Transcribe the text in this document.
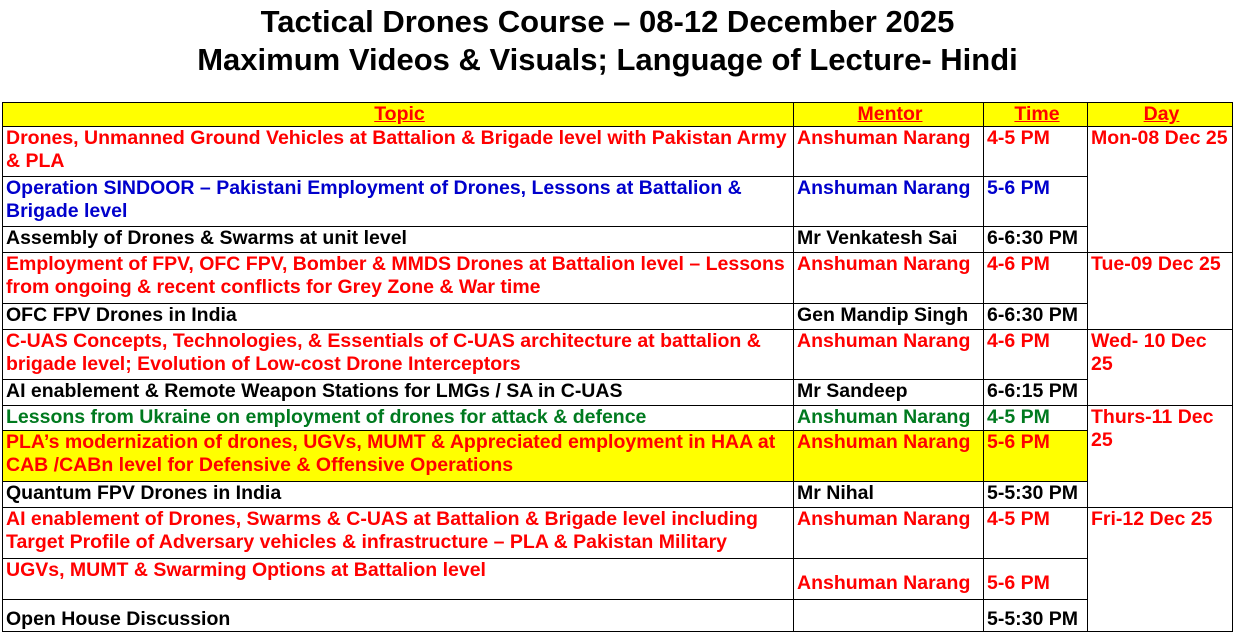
Tactical Drones Course – 08-12 December 2025
Maximum Videos & Visuals; Language of Lecture- Hindi
Topic	Mentor	Time	Day
Drones, Unmanned Ground Vehicles at Battalion & Brigade level with Pakistan Army & PLA	Anshuman Narang	4-5 PM	Mon-08 Dec 25
Operation SINDOOR – Pakistani Employment of Drones, Lessons at Battalion & Brigade level	Anshuman Narang	5-6 PM	
Assembly of Drones & Swarms at unit level	Mr Venkatesh Sai	6-6:30 PM	
Employment of FPV, OFC FPV, Bomber & MMDS Drones at Battalion level – Lessons from ongoing & recent conflicts for Grey Zone & War time	Anshuman Narang	4-6 PM	Tue-09 Dec 25
OFC FPV Drones in India	Gen Mandip Singh	6-6:30 PM	
C-UAS Concepts, Technologies, & Essentials of C-UAS architecture at battalion & brigade level; Evolution of Low-cost Drone Interceptors	Anshuman Narang	4-6 PM	Wed- 10 Dec 25
AI enablement & Remote Weapon Stations for LMGs / SA in C-UAS	Mr Sandeep	6-6:15 PM	
Lessons from Ukraine on employment of drones for attack & defence	Anshuman Narang	4-5 PM	Thurs-11 Dec 25
PLA’s modernization of drones, UGVs, MUMT & Appreciated employment in HAA at CAB /CABn level for Defensive & Offensive Operations	Anshuman Narang	5-6 PM	
Quantum FPV Drones in India	Mr Nihal	5-5:30 PM	
AI enablement of Drones, Swarms & C-UAS at Battalion & Brigade level including Target Profile of Adversary vehicles & infrastructure – PLA & Pakistan Military	Anshuman Narang	4-5 PM	Fri-12 Dec 25
UGVs, MUMT & Swarming Options at Battalion level	Anshuman Narang	5-6 PM	
Open House Discussion		5-5:30 PM	
